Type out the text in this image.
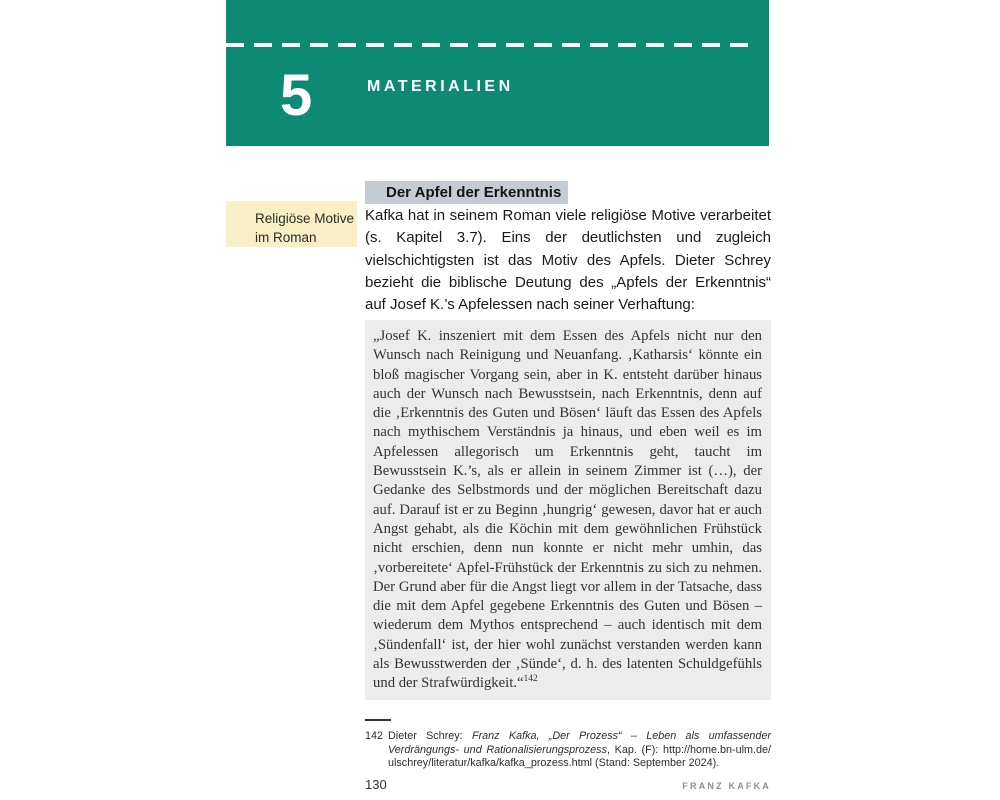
5	MATERIALIEN
Religiöse Motive
im Roman
Der Apfel der Erkenntnis

Kafka hat in seinem Roman viele religiöse Motive verarbeitet (s. Kapitel 3.7). Eins der deutlichsten und zugleich vielschichtigsten ist das Motiv des Apfels. Dieter Schrey bezieht die biblische Deutung des „Apfels der Erkenntnis“ auf Josef K.’s Apfelessen nach seiner Verhaftung:

„Josef K. inszeniert mit dem Essen des Apfels nicht nur den Wunsch nach Reinigung und Neuanfang. ‚Katharsis‘ könnte ein bloß magischer Vorgang sein, aber in K. entsteht darüber hinaus auch der Wunsch nach Bewusstsein, nach Erkenntnis, denn auf die ‚Erkenntnis des Guten und Bösen‘ läuft das Essen des Apfels nach mythischem Verständnis ja hinaus, und eben weil es im Apfelessen allegorisch um Erkenntnis geht, taucht im Bewusstsein K.’s, als er allein in seinem Zimmer ist (…), der Gedanke des Selbstmords und der möglichen Bereitschaft dazu auf. Darauf ist er zu Beginn ‚hungrig‘ gewesen, davor hat er auch Angst gehabt, als die Köchin mit dem gewöhnlichen Frühstück nicht erschien, denn nun konnte er nicht mehr umhin, das ‚vorbereitete‘ Apfel-Frühstück der Erkenntnis zu sich zu nehmen. Der Grund aber für die Angst liegt vor allem in der Tatsache, dass die mit dem Apfel gegebene Erkenntnis des Guten und Bösen – wiederum dem Mythos entsprechend – auch identisch mit dem ‚Sündenfall‘ ist, der hier wohl zunächst verstanden werden kann als Bewusstwerden der ‚Sünde‘, d. h. des latenten Schuldgefühls und der Strafwürdigkeit.“$^{142}$
142 Dieter Schrey: Franz Kafka, „Der Prozess“ – Leben als umfassender Verdrängungs- und Rationalisierungsprozess, Kap. (F): http://home.bn-ulm.de/ ulschrey/literatur/kafka/kafka_prozess.html (Stand: September 2024).
130	FRANZ KAFKA
